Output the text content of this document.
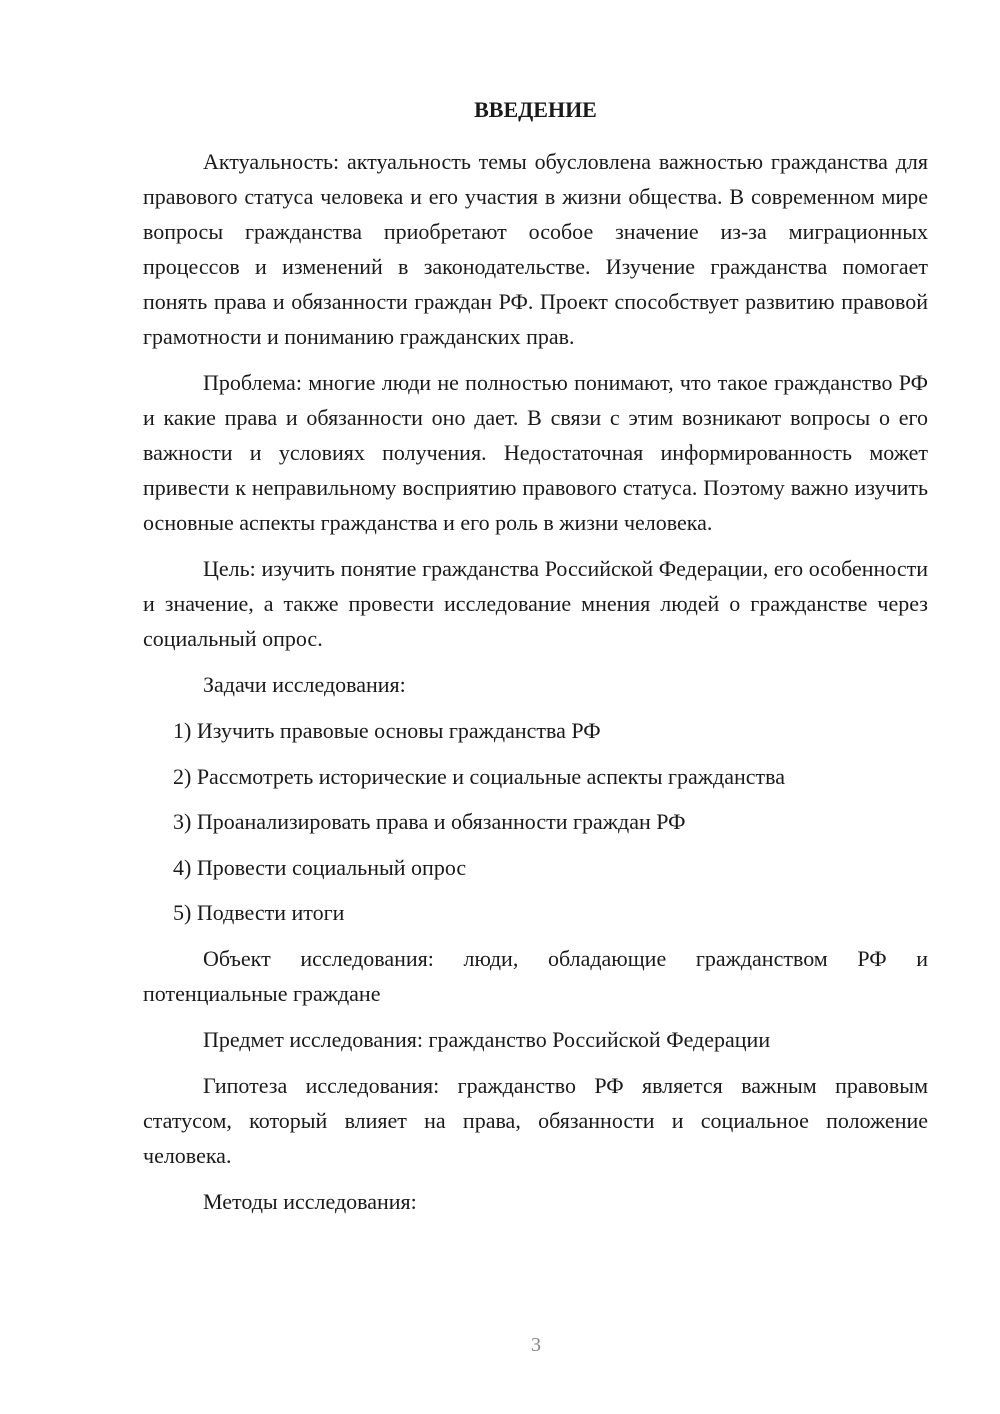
ВВЕДЕНИЕ

Актуальность: актуальность темы обусловлена важностью гражданства для правового статуса человека и его участия в жизни общества. В современном мире вопросы гражданства приобретают особое значение из-за миграционных процессов и изменений в законодательстве. Изучение гражданства помогает понять права и обязанности граждан РФ. Проект способствует развитию правовой грамотности и пониманию гражданских прав.

Проблема: многие люди не полностью понимают, что такое гражданство РФ и какие права и обязанности оно дает. В связи с этим возникают вопросы о его важности и условиях получения. Недостаточная информированность может привести к неправильному восприятию правового статуса. Поэтому важно изучить основные аспекты гражданства и его роль в жизни человека.

Цель: изучить понятие гражданства Российской Федерации, его особенности и значение, а также провести исследование мнения людей о гражданстве через социальный опрос.

Задачи исследования:

1) Изучить правовые основы гражданства РФ
2) Рассмотреть исторические и социальные аспекты гражданства
3) Проанализировать права и обязанности граждан РФ
4) Провести социальный опрос
5) Подвести итоги

Объект исследования: люди, обладающие гражданством РФ и потенциальные граждане

Предмет исследования: гражданство Российской Федерации

Гипотеза исследования: гражданство РФ является важным правовым статусом, который влияет на права, обязанности и социальное положение человека.

Методы исследования:

3
